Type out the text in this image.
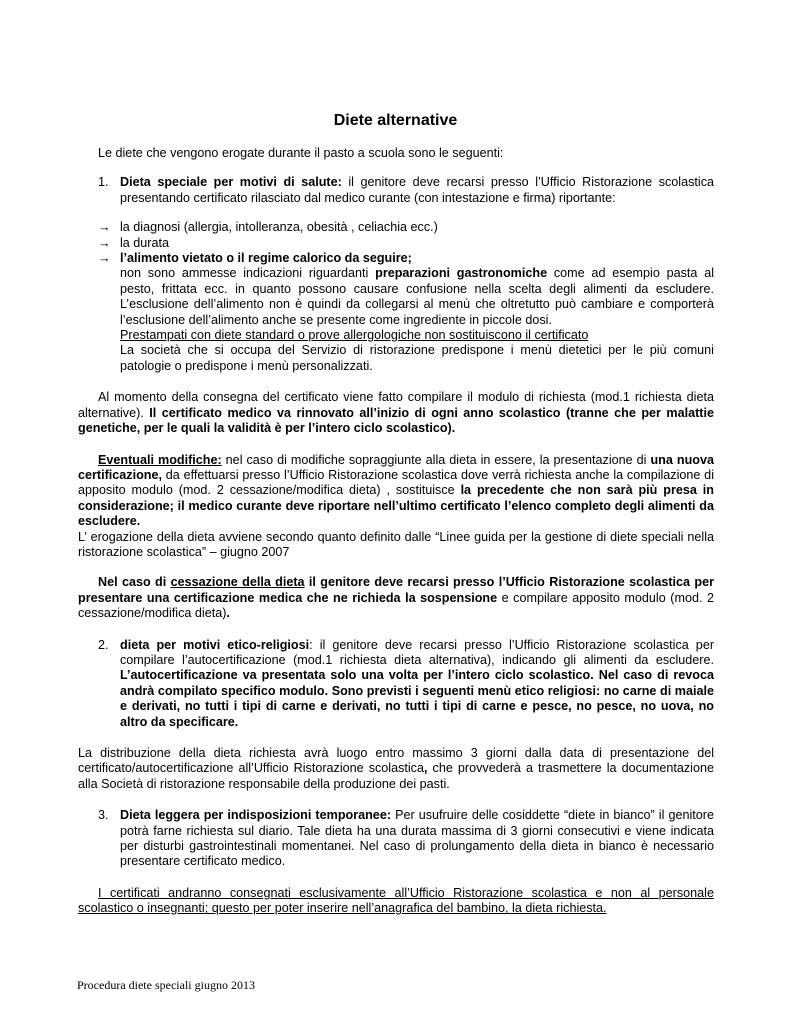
Diete alternative

Le diete che vengono erogate durante il pasto a scuola sono le seguenti:

1. Dieta speciale per motivi di salute: il genitore deve recarsi presso l’Ufficio Ristorazione scolastica presentando certificato rilasciato dal medico curante (con intestazione e firma) riportante:
→ la diagnosi (allergia, intolleranza, obesità , celiachia ecc.)
→ la durata
→ l’alimento vietato o il regime calorico da seguire;

non sono ammesse indicazioni riguardanti preparazioni gastronomiche come ad esempio pasta al pesto, frittata ecc. in quanto possono causare confusione nella scelta degli alimenti da escludere. L’esclusione dell’alimento non è quindi da collegarsi al menù che oltretutto può cambiare e comporterà l’esclusione dell’alimento anche se presente come ingrediente in piccole dosi.

Prestampati con diete standard o prove allergologiche non sostituiscono il certificato

La società che si occupa del Servizio di ristorazione predispone i menù dietetici per le più comuni patologie o predispone i menù personalizzati.

Al momento della consegna del certificato viene fatto compilare il modulo di richiesta (mod.1 richiesta dieta alternative). Il certificato medico va rinnovato all’inizio di ogni anno scolastico (tranne che per malattie genetiche, per le quali la validità è per l’intero ciclo scolastico).

Eventuali modifiche: nel caso di modifiche sopraggiunte alla dieta in essere, la presentazione di una nuova certificazione, da effettuarsi presso l’Ufficio Ristorazione scolastica dove verrà richiesta anche la compilazione di apposito modulo (mod. 2 cessazione/modifica dieta) , sostituisce la precedente che non sarà più presa in considerazione; il medico curante deve riportare nell’ultimo certificato l’elenco completo degli alimenti da escludere.

L’ erogazione della dieta avviene secondo quanto definito dalle “Linee guida per la gestione di diete speciali nella ristorazione scolastica” – giugno 2007

Nel caso di cessazione della dieta il genitore deve recarsi presso l’Ufficio Ristorazione scolastica per presentare una certificazione medica che ne richieda la sospensione e compilare apposito modulo (mod. 2 cessazione/modifica dieta).

2. dieta per motivi etico-religiosi: il genitore deve recarsi presso l’Ufficio Ristorazione scolastica per compilare l’autocertificazione (mod.1 richiesta dieta alternativa), indicando gli alimenti da escludere. L’autocertificazione va presentata solo una volta per l’intero ciclo scolastico. Nel caso di revoca andrà compilato specifico modulo. Sono previsti i seguenti menù etico religiosi: no carne di maiale e derivati, no tutti i tipi di carne e derivati, no tutti i tipi di carne e pesce, no pesce, no uova, no altro da specificare.

La distribuzione della dieta richiesta avrà luogo entro massimo 3 giorni dalla data di presentazione del certificato/autocertificazione all’Ufficio Ristorazione scolastica, che provvederà a trasmettere la documentazione alla Società di ristorazione responsabile della produzione dei pasti.

3. Dieta leggera per indisposizioni temporanee: Per usufruire delle cosiddette “diete in bianco” il genitore potrà farne richiesta sul diario. Tale dieta ha una durata massima di 3 giorni consecutivi e viene indicata per disturbi gastrointestinali momentanei. Nel caso di prolungamento della dieta in bianco è necessario presentare certificato medico.

I certificati andranno consegnati esclusivamente all’Ufficio Ristorazione scolastica e non al personale scolastico o insegnanti; questo per poter inserire nell’anagrafica del bambino, la dieta richiesta.

Procedura diete speciali giugno 2013
